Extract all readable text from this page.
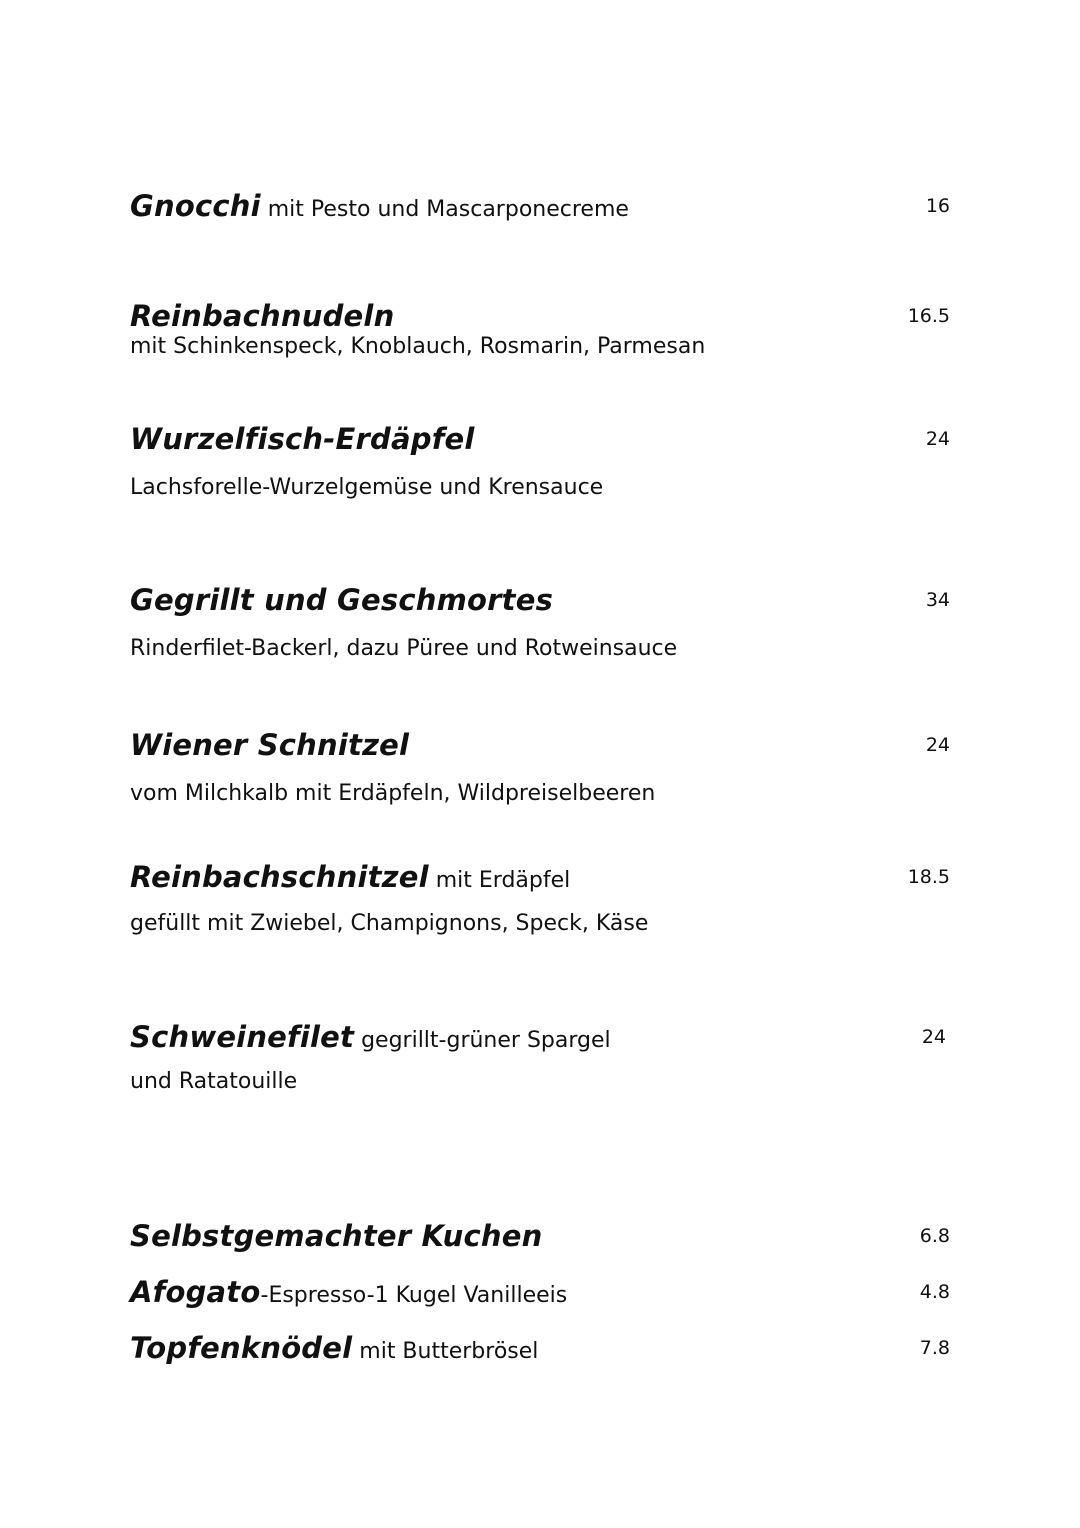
Gnocchi mit Pesto und Mascarponecreme	16
Reinbachnudeln	16.5
mit Schinkenspeck, Knoblauch, Rosmarin, Parmesan
Wurzelfisch-Erdäpfel	24
Lachsforelle-Wurzelgemüse und Krensauce
Gegrillt und Geschmortes	34
Rinderfilet-Backerl, dazu Püree und Rotweinsauce
Wiener Schnitzel	24
vom Milchkalb mit Erdäpfeln, Wildpreiselbeeren
Reinbachschnitzel mit Erdäpfel	18.5
gefüllt mit Zwiebel, Champignons, Speck, Käse
Schweinefilet gegrillt-grüner Spargel	24
und Ratatouille
Selbstgemachter Kuchen	6.8
Afogato-Espresso-1 Kugel Vanilleeis	4.8
Topfenknödel mit Butterbrösel	7.8
